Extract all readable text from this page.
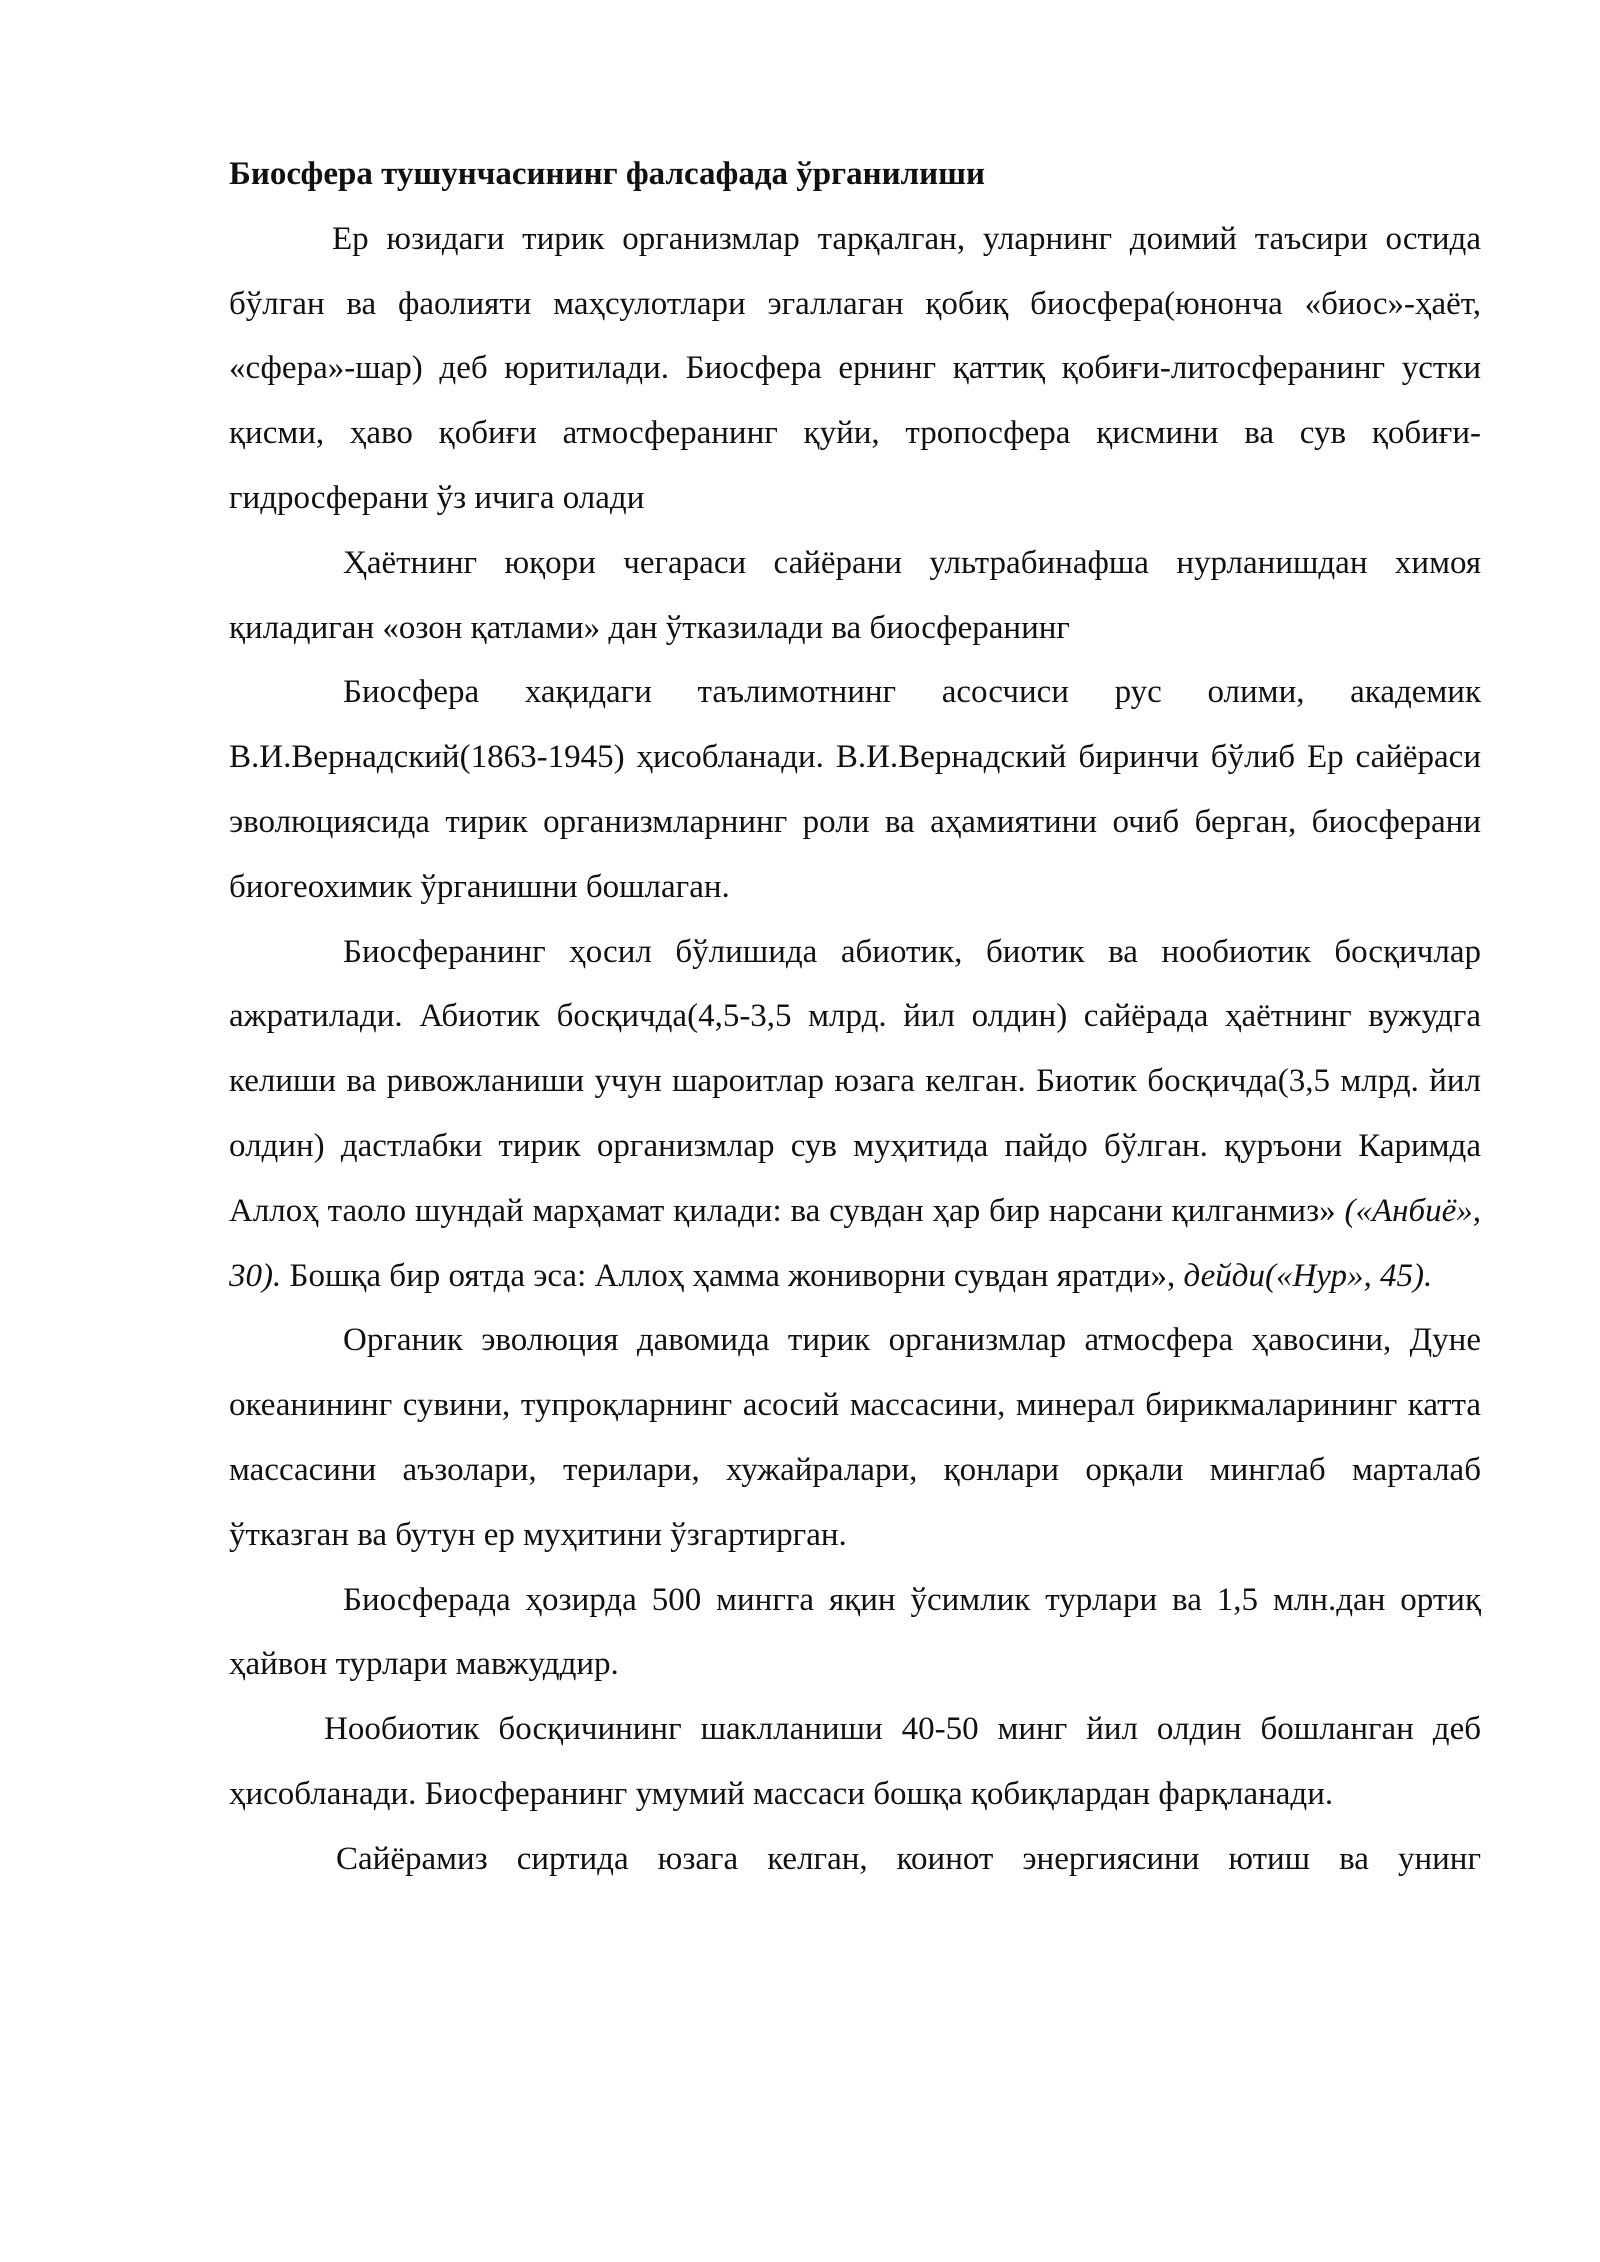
Биосфера тушунчасининг фалсафада ўрганилиши

Ер юзидаги тирик организмлар тарқалган, уларнинг доимий таъсири остида бўлган ва фаолияти маҳсулотлари эгаллаган қобиқ биосфера(юнонча «биос»-ҳаёт, «сфера»-шар) деб юритилади. Биосфера ернинг қаттиқ қобиғи-литосферанинг устки қисми, ҳаво қобиғи атмосферанинг қуйи, тропосфера қисмини ва сув қобиғи- гидросферани ўз ичига олади

Ҳаётнинг юқори чегараси сайёрани ультрабинафша нурланишдан химоя қиладиган «озон қатлами» дан ўтказилади ва биосферанинг

Биосфера хақидаги таълимотнинг асосчиси рус олими, академик В.И.Вернадский(1863-1945) ҳисобланади. В.И.Вернадский биринчи бўлиб Ер сайёраси эволюциясида тирик организмларнинг роли ва аҳамиятини очиб берган, биосферани биогеохимик ўрганишни бошлаган.

Биосферанинг ҳосил бўлишида абиотик, биотик ва нообиотик босқичлар ажратилади. Абиотик босқичда(4,5-3,5 млрд. йил олдин) сайёрада ҳаётнинг вужудга келиши ва ривожланиши учун шароитлар юзага келган. Биотик босқичда(3,5 млрд. йил олдин) дастлабки тирик организмлар сув муҳитида пайдо бўлган. қуръони Каримда Аллоҳ таоло шундай марҳамат қилади: ва сувдан ҳар бир нарсани қилганмиз» («Анбиё», 30). Бошқа бир оятда эса: Аллоҳ ҳамма жониворни сувдан яратди», дейди(«Нур», 45).

Органик эволюция давомида тирик организмлар атмосфера ҳавосини, Дуне океанининг сувини, тупроқларнинг асосий массасини, минерал бирикмаларининг катта массасини аъзолари, терилари, хужайралари, қонлари орқали минглаб марталаб ўтказган ва бутун ер муҳитини ўзгартирган.

Биосферада ҳозирда 500 мингга яқин ўсимлик турлари ва 1,5 млн.дан ортиқ ҳайвон турлари мавжуддир.

Нообиотик босқичининг шаклланиши 40-50 минг йил олдин бошланган деб ҳисобланади. Биосферанинг умумий массаси бошқа қобиқлардан фарқланади.

Сайёрамиз сиртида юзага келган, коинот энергиясини ютиш ва унинг
